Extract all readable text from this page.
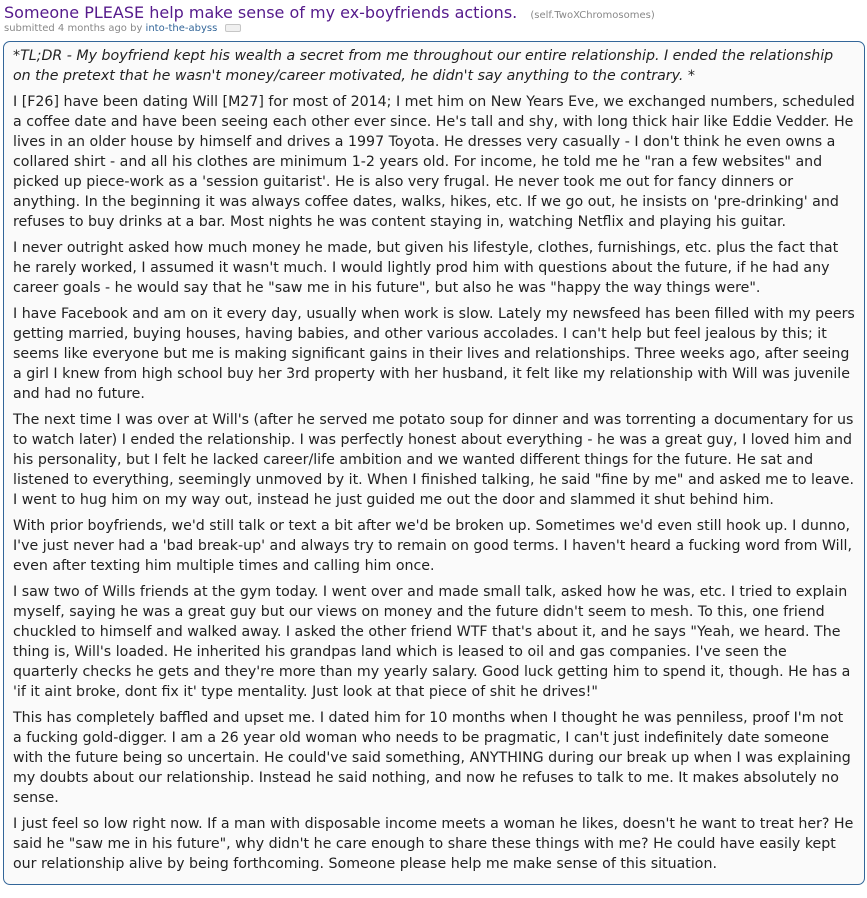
Someone PLEASE help make sense of my ex-boyfriends actions. (self.TwoXChromosomes)
submitted 4 months ago by into-the-abyss

*TL;DR - My boyfriend kept his wealth a secret from me throughout our entire relationship. I ended the relationship on the pretext that he wasn't money/career motivated, he didn't say anything to the contrary. *

I [F26] have been dating Will [M27] for most of 2014; I met him on New Years Eve, we exchanged numbers, scheduled a coffee date and have been seeing each other ever since. He's tall and shy, with long thick hair like Eddie Vedder. He lives in an older house by himself and drives a 1997 Toyota. He dresses very casually - I don't think he even owns a collared shirt - and all his clothes are minimum 1-2 years old. For income, he told me he "ran a few websites" and picked up piece-work as a 'session guitarist'. He is also very frugal. He never took me out for fancy dinners or anything. In the beginning it was always coffee dates, walks, hikes, etc. If we go out, he insists on 'pre-drinking' and refuses to buy drinks at a bar. Most nights he was content staying in, watching Netflix and playing his guitar.

I never outright asked how much money he made, but given his lifestyle, clothes, furnishings, etc. plus the fact that he rarely worked, I assumed it wasn't much. I would lightly prod him with questions about the future, if he had any career goals - he would say that he "saw me in his future", but also he was "happy the way things were".

I have Facebook and am on it every day, usually when work is slow. Lately my newsfeed has been filled with my peers getting married, buying houses, having babies, and other various accolades. I can't help but feel jealous by this; it seems like everyone but me is making significant gains in their lives and relationships. Three weeks ago, after seeing a girl I knew from high school buy her 3rd property with her husband, it felt like my relationship with Will was juvenile and had no future.

The next time I was over at Will's (after he served me potato soup for dinner and was torrenting a documentary for us to watch later) I ended the relationship. I was perfectly honest about everything - he was a great guy, I loved him and his personality, but I felt he lacked career/life ambition and we wanted different things for the future. He sat and listened to everything, seemingly unmoved by it. When I finished talking, he said "fine by me" and asked me to leave. I went to hug him on my way out, instead he just guided me out the door and slammed it shut behind him.

With prior boyfriends, we'd still talk or text a bit after we'd be broken up. Sometimes we'd even still hook up. I dunno, I've just never had a 'bad break-up' and always try to remain on good terms. I haven't heard a fucking word from Will, even after texting him multiple times and calling him once.

I saw two of Wills friends at the gym today. I went over and made small talk, asked how he was, etc. I tried to explain myself, saying he was a great guy but our views on money and the future didn't seem to mesh. To this, one friend chuckled to himself and walked away. I asked the other friend WTF that's about it, and he says "Yeah, we heard. The thing is, Will's loaded. He inherited his grandpas land which is leased to oil and gas companies. I've seen the quarterly checks he gets and they're more than my yearly salary. Good luck getting him to spend it, though. He has a 'if it aint broke, dont fix it' type mentality. Just look at that piece of shit he drives!"

This has completely baffled and upset me. I dated him for 10 months when I thought he was penniless, proof I'm not a fucking gold-digger. I am a 26 year old woman who needs to be pragmatic, I can't just indefinitely date someone with the future being so uncertain. He could've said something, ANYTHING during our break up when I was explaining my doubts about our relationship. Instead he said nothing, and now he refuses to talk to me. It makes absolutely no sense.

I just feel so low right now. If a man with disposable income meets a woman he likes, doesn't he want to treat her? He said he "saw me in his future", why didn't he care enough to share these things with me? He could have easily kept our relationship alive by being forthcoming. Someone please help me make sense of this situation.
